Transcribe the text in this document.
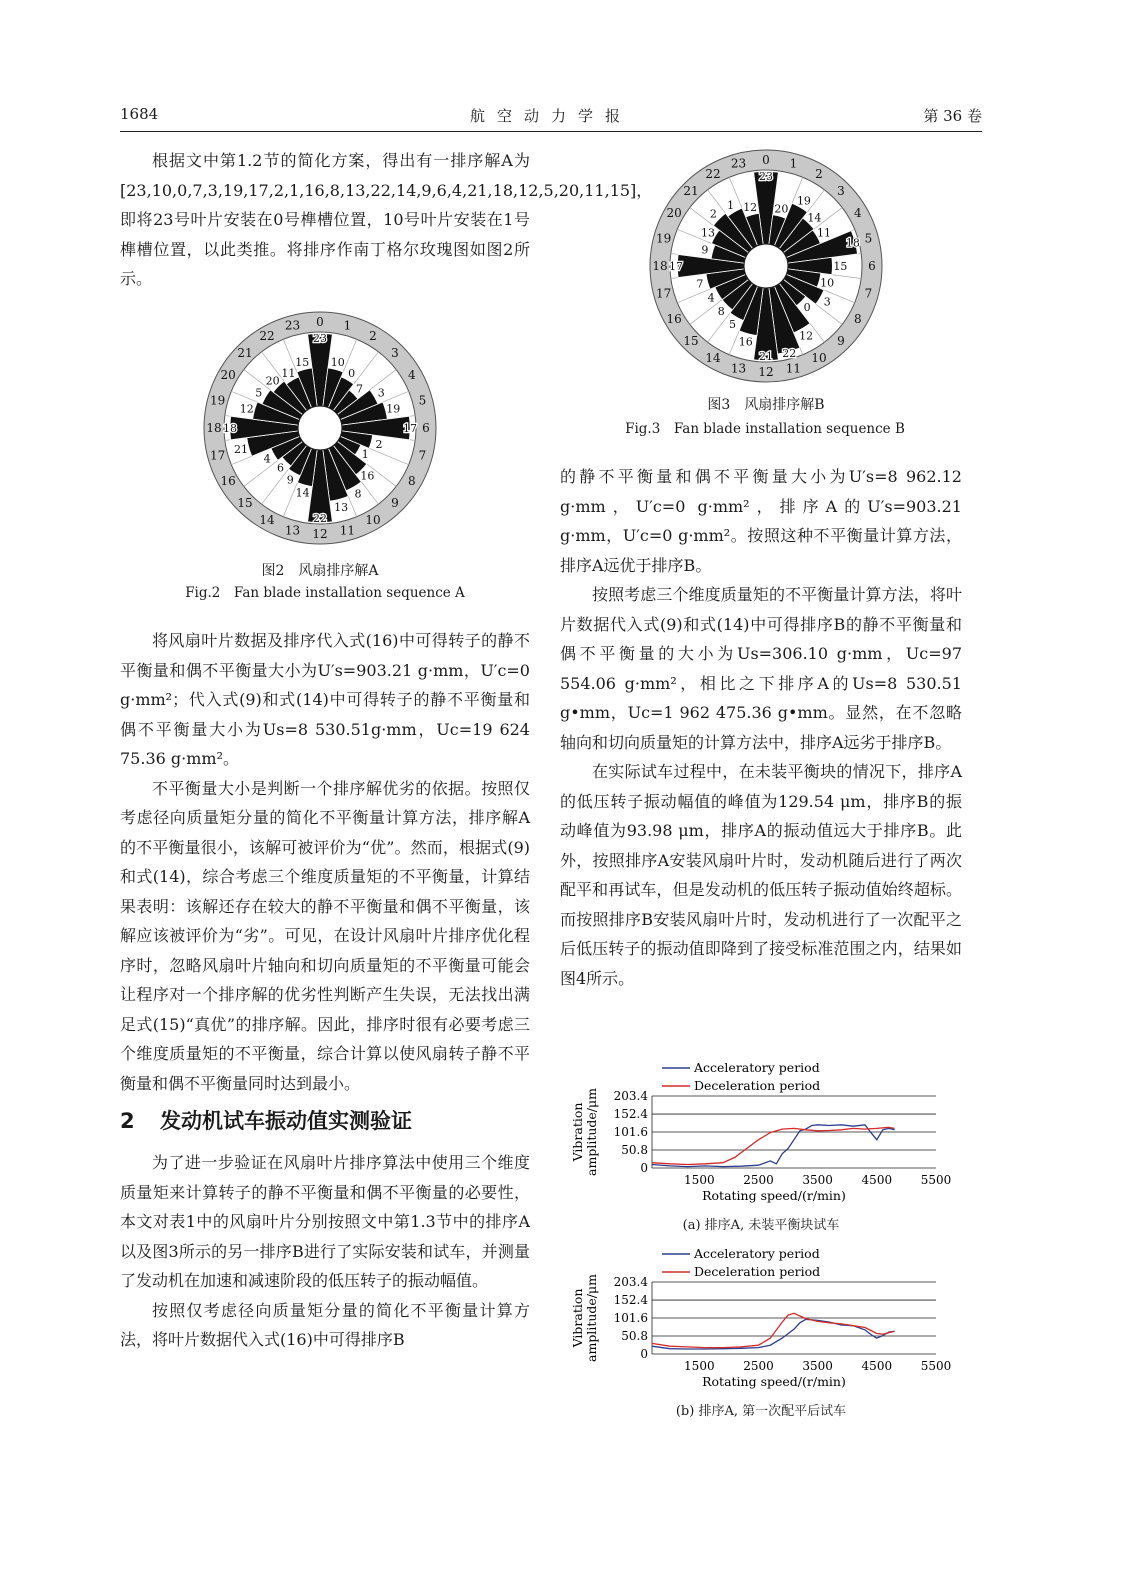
1684	航空动力学报	第 36 卷

根据文中第1.2节的简化方案，得出有一排序解A为[23,10,0,7,3,19,17,2,1,16,8,13,22,14,9,6,4,21,18,12,5,20,11,15]，即将23号叶片安装在0号榫槽位置，10号叶片安装在1号榫槽位置，以此类推。将排序作南丁格尔玫瑰图如图2所示。

0
23
1
10
2
0
3
7
4
3
5
19
6
17
7
2
8
1
9
16
10
8
11
13
12
22
13
14
14
9
15
6
16
4
17 21
18 18
19
12
20
5
21
20
22
11
23
15
图2　风扇排序解A
Fig.2　Fan blade installation sequence A

将风扇叶片数据及排序代入式(16)中可得转子的静不平衡量和偶不平衡量大小为U′s=903.21 g·mm，U′c=0 g·mm²；代入式(9)和式(14)中可得转子的静不平衡量和偶不平衡量大小为Us=8 530.51g·mm，Uc=19 624 75.36 g·mm²。

不平衡量大小是判断一个排序解优劣的依据。按照仅考虑径向质量矩分量的简化不平衡量计算方法，排序解A的不平衡量很小，该解可被评价为“优”。然而，根据式(9)和式(14)，综合考虑三个维度质量矩的不平衡量，计算结果表明：该解还存在较大的静不平衡量和偶不平衡量，该解应该被评价为“劣”。可见，在设计风扇叶片排序优化程序时，忽略风扇叶片轴向和切向质量矩的不平衡量可能会让程序对一个排序解的优劣性判断产生失误，无法找出满足式(15)“真优”的排序解。因此，排序时很有必要考虑三个维度质量矩的不平衡量，综合计算以使风扇转子静不平衡量和偶不平衡量同时达到最小。

2 发动机试车振动值实测验证

为了进一步验证在风扇叶片排序算法中使用三个维度质量矩来计算转子的静不平衡量和偶不平衡量的必要性，本文对表1中的风扇叶片分别按照文中第1.3节中的排序A以及图3所示的另一排序B进行了实际安装和试车，并测量了发动机在加速和减速阶段的低压转子的振动幅值。

按照仅考虑径向质量矩分量的简化不平衡量计算方法，将叶片数据代入式(16)中可得排序B

0
23
1
20
2
19
3
14	4
11	5
18
6
15
7
10
8
3
9
0
10
12
11
22
12
21
13
16
14
5
15
8
16
4
17
7
18 17
19
9
20
13
21
2
22
1
23
12
图3　风扇排序解B
Fig.3　Fan blade installation sequence B

的静不平衡量和偶不平衡量大小为U′s=8 962.12 g·mm，U′c=0 g·mm²，排序A的U′s=903.21 g·mm，U′c=0 g·mm²。按照这种不平衡量计算方法，排序A远优于排序B。

按照考虑三个维度质量矩的不平衡量计算方法，将叶片数据代入式(9)和式(14)中可得排序B的静不平衡量和偶不平衡量的大小为Us=306.10 g·mm，Uc=97 554.06 g·mm²，相比之下排序A的Us=8 530.51 g•mm，Uc=1 962 475.36 g•mm。显然，在不忽略轴向和切向质量矩的计算方法中，排序A远劣于排序B。

在实际试车过程中，在未装平衡块的情况下，排序A的低压转子振动幅值的峰值为129.54 μm，排序B的振动峰值为93.98 μm，排序A的振动值远大于排序B。此外，按照排序A安装风扇叶片时，发动机随后进行了两次配平和再试车，但是发动机的低压转子振动值始终超标。而按照排序B安装风扇叶片时，发动机进行了一次配平之后低压转子的振动值即降到了接受标准范围之内，结果如图4所示。

Acceleratory period
Deceleration period
0
50.8
101.6
152.4
203.4
1500 2500 3500 4500 5500
Rotating speed/(r/min)
Vibration amplitude/μm
(a) 排序A, 未装平衡块试车
Acceleratory period
Deceleration period
0
50.8
101.6
152.4
203.4
1500 2500 3500 4500 5500
Rotating speed/(r/min)
Vibration amplitude/μm
(b) 排序A, 第一次配平后试车
